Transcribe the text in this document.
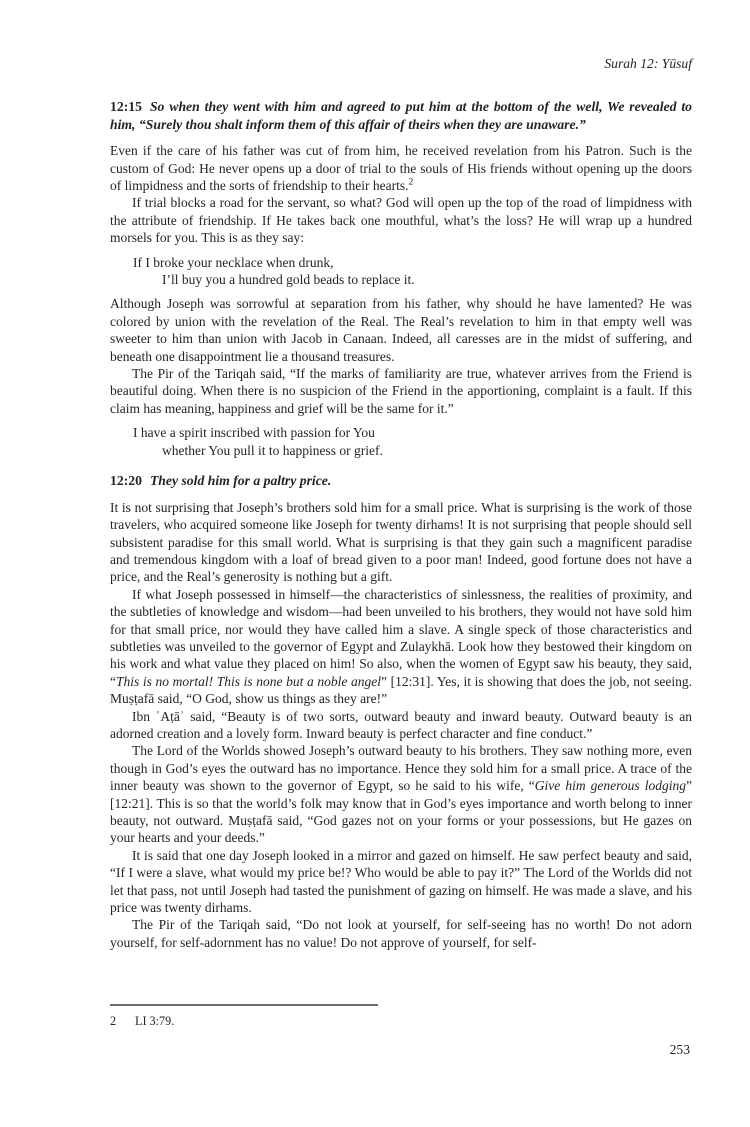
Surah 12: Yūsuf

12:15 So when they went with him and agreed to put him at the bottom of the well, We revealed to him, “Surely thou shalt inform them of this affair of theirs when they are unaware.”

Even if the care of his father was cut of from him, he received revelation from his Patron. Such is the custom of God: He never opens up a door of trial to the souls of His friends without opening up the doors of limpidness and the sorts of friendship to their hearts.$^2$

If trial blocks a road for the servant, so what? God will open up the top of the road of limpidness with the attribute of friendship. If He takes back one mouthful, what’s the loss? He will wrap up a hundred morsels for you. This is as they say:

If I broke your necklace when drunk,
I’ll buy you a hundred gold beads to replace it.

Although Joseph was sorrowful at separation from his father, why should he have lamented? He was colored by union with the revelation of the Real. The Real’s revelation to him in that empty well was sweeter to him than union with Jacob in Canaan. Indeed, all caresses are in the midst of suffering, and beneath one disappointment lie a thousand treasures.

The Pir of the Tariqah said, “If the marks of familiarity are true, whatever arrives from the Friend is beautiful doing. When there is no suspicion of the Friend in the apportioning, complaint is a fault. If this claim has meaning, happiness and grief will be the same for it.”

I have a spirit inscribed with passion for You
whether You pull it to happiness or grief.

12:20 They sold him for a paltry price.

It is not surprising that Joseph’s brothers sold him for a small price. What is surprising is the work of those travelers, who acquired someone like Joseph for twenty dirhams! It is not surprising that people should sell subsistent paradise for this small world. What is surprising is that they gain such a magnificent paradise and tremendous kingdom with a loaf of bread given to a poor man! Indeed, good fortune does not have a price, and the Real’s generosity is nothing but a gift.

If what Joseph possessed in himself—the characteristics of sinlessness, the realities of proximity, and the subtleties of knowledge and wisdom—had been unveiled to his brothers, they would not have sold him for that small price, nor would they have called him a slave. A single speck of those characteristics and subtleties was unveiled to the governor of Egypt and Zulaykhā. Look how they bestowed their kingdom on his work and what value they placed on him! So also, when the women of Egypt saw his beauty, they said, “This is no mortal! This is none but a noble angel” [12:31]. Yes, it is showing that does the job, not seeing. Muṣṭafā said, “O God, show us things as they are!”

Ibn ʿAṭāʾ said, “Beauty is of two sorts, outward beauty and inward beauty. Outward beauty is an adorned creation and a lovely form. Inward beauty is perfect character and fine conduct.”

The Lord of the Worlds showed Joseph’s outward beauty to his brothers. They saw nothing more, even though in God’s eyes the outward has no importance. Hence they sold him for a small price. A trace of the inner beauty was shown to the governor of Egypt, so he said to his wife, “Give him generous lodging” [12:21]. This is so that the world’s folk may know that in God’s eyes importance and worth belong to inner beauty, not outward. Muṣṭafā said, “God gazes not on your forms or your possessions, but He gazes on your hearts and your deeds.”

It is said that one day Joseph looked in a mirror and gazed on himself. He saw perfect beauty and said, “If I were a slave, what would my price be!? Who would be able to pay it?” The Lord of the Worlds did not let that pass, not until Joseph had tasted the punishment of gazing on himself. He was made a slave, and his price was twenty dirhams.

The Pir of the Tariqah said, “Do not look at yourself, for self-seeing has no worth! Do not adorn yourself, for self-adornment has no value! Do not approve of yourself, for self-

2	LI 3:79.
253
